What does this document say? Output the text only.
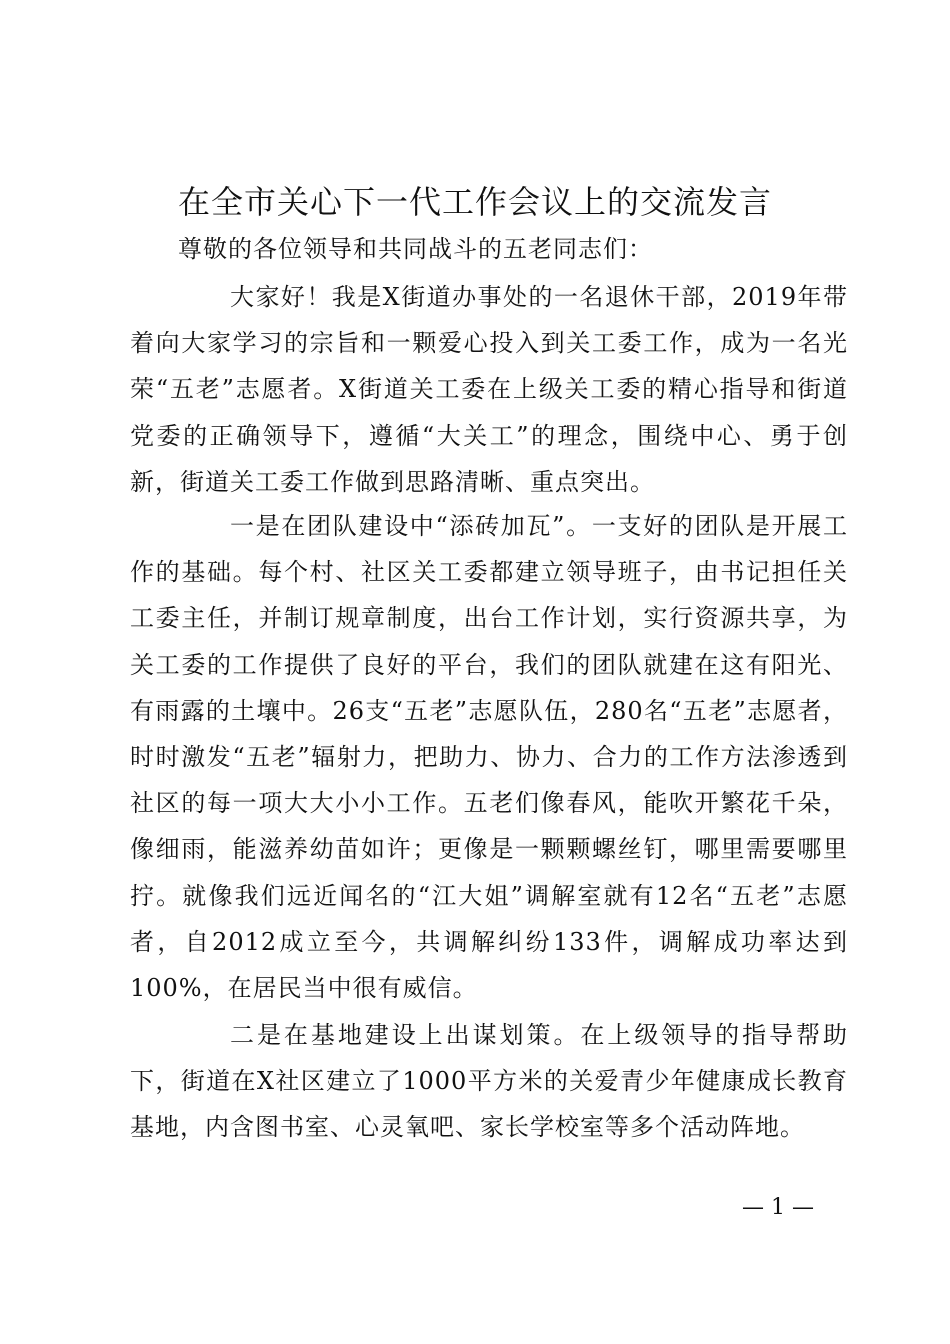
在全市关心下一代工作会议上的交流发言
尊敬的各位领导和共同战斗的五老同志们：

大家好！我是X街道办事处的一名退休干部，2019年带着向大家学习的宗旨和一颗爱心投入到关工委工作，成为一名光荣“五老”志愿者。X街道关工委在上级关工委的精心指导和街道党委的正确领导下，遵循“大关工”的理念，围绕中心、勇于创新，街道关工委工作做到思路清晰、重点突出。

一是在团队建设中“添砖加瓦”。一支好的团队是开展工作的基础。每个村、社区关工委都建立领导班子，由书记担任关工委主任，并制订规章制度，出台工作计划，实行资源共享，为关工委的工作提供了良好的平台，我们的团队就建在这有阳光、有雨露的土壤中。26支“五老”志愿队伍，280名“五老”志愿者，时时激发“五老”辐射力，把助力、协力、合力的工作方法渗透到社区的每一项大大小小工作。五老们像春风，能吹开繁花千朵，像细雨，能滋养幼苗如许；更像是一颗颗螺丝钉，哪里需要哪里拧。就像我们远近闻名的“江大姐”调解室就有12名“五老”志愿者，自2012成立至今，共调解纠纷133件，调解成功率达到100%，在居民当中很有威信。

二是在基地建设上出谋划策。在上级领导的指导帮助下，街道在X社区建立了1000平方米的关爱青少年健康成长教育基地，内含图书室、心灵氧吧、家长学校室等多个活动阵地。

— 1 —
